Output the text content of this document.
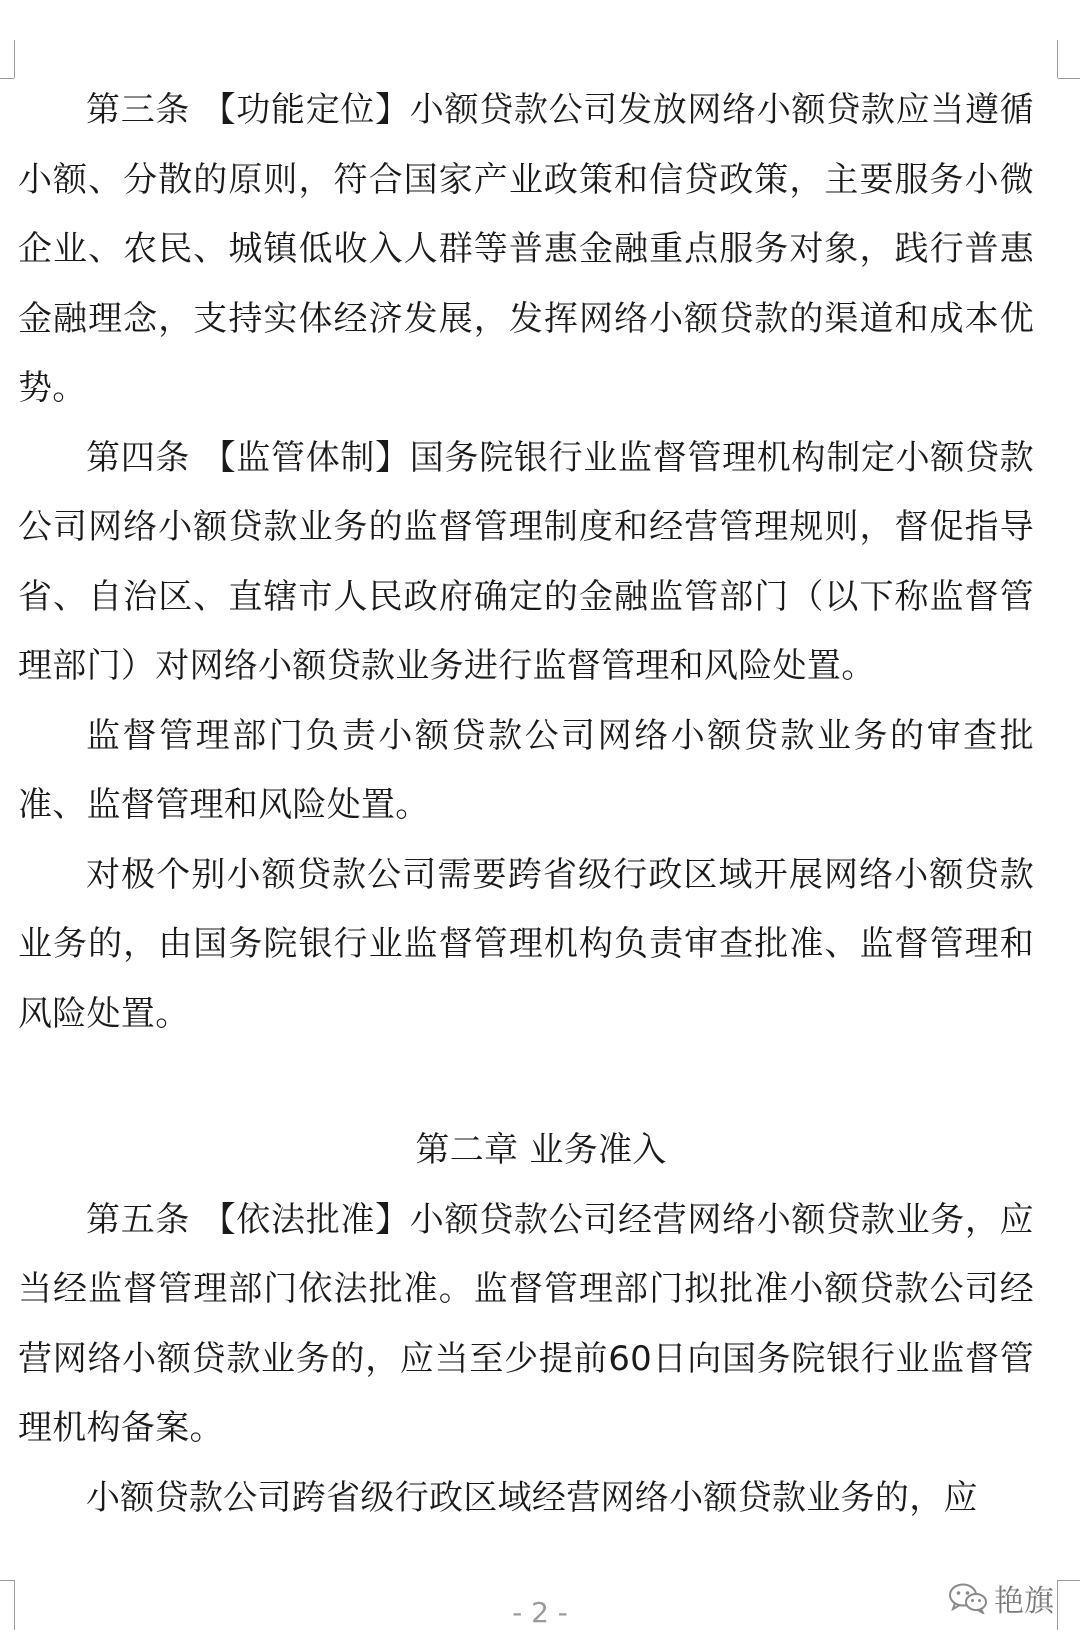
第三条 【功能定位】小额贷款公司发放网络小额贷款应当遵循小额、分散的原则，符合国家产业政策和信贷政策，主要服务小微企业、农民、城镇低收入人群等普惠金融重点服务对象，践行普惠金融理念，支持实体经济发展，发挥网络小额贷款的渠道和成本优势。

第四条 【监管体制】国务院银行业监督管理机构制定小额贷款公司网络小额贷款业务的监督管理制度和经营管理规则，督促指导省、自治区、直辖市人民政府确定的金融监管部门（以下称监督管理部门）对网络小额贷款业务进行监督管理和风险处置。

监督管理部门负责小额贷款公司网络小额贷款业务的审查批准、监督管理和风险处置。

对极个别小额贷款公司需要跨省级行政区域开展网络小额贷款业务的，由国务院银行业监督管理机构负责审查批准、监督管理和风险处置。

第二章 业务准入

第五条 【依法批准】小额贷款公司经营网络小额贷款业务，应当经监督管理部门依法批准。监督管理部门拟批准小额贷款公司经营网络小额贷款业务的，应当至少提前60日向国务院银行业监督管理机构备案。

小额贷款公司跨省级行政区域经营网络小额贷款业务的，应

- 2 -	艳旗
